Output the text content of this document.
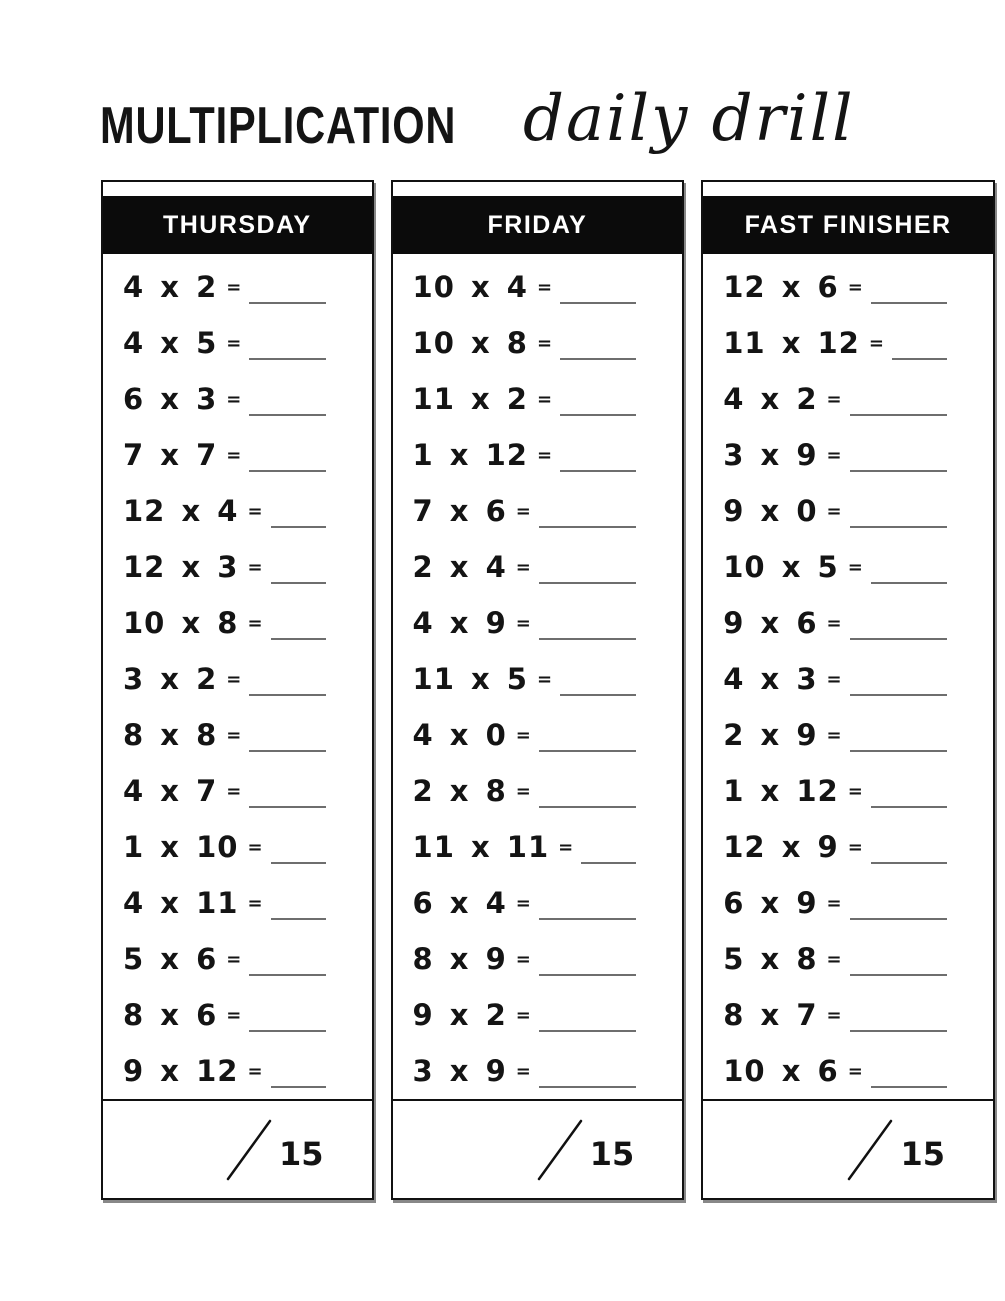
MULTIPLICATION daily drill
THURSDAY
4 x 2 =
4 x 5 =
6 x 3 =
7 x 7 =
12 x 4 =
12 x 3 =
10 x 8 =
3 x 2 =
8 x 8 =
4 x 7 =
1 x 10 =
4 x 11 =
5 x 6 =
8 x 6 =
9 x 12 =
15
FRIDAY
10 x 4 =
10 x 8 =
11 x 2 =
1 x 12 =
7 x 6 =
2 x 4 =
4 x 9 =
11 x 5 =
4 x 0 =
2 x 8 =
11 x 11 =
6 x 4 =
8 x 9 =
9 x 2 =
3 x 9 =
15
FAST FINISHER
12 x 6 =
11 x 12 =
4 x 2 =
3 x 9 =
9 x 0 =
10 x 5 =
9 x 6 =
4 x 3 =
2 x 9 =
1 x 12 =
12 x 9 =
6 x 9 =
5 x 8 =
8 x 7 =
10 x 6 =
15
